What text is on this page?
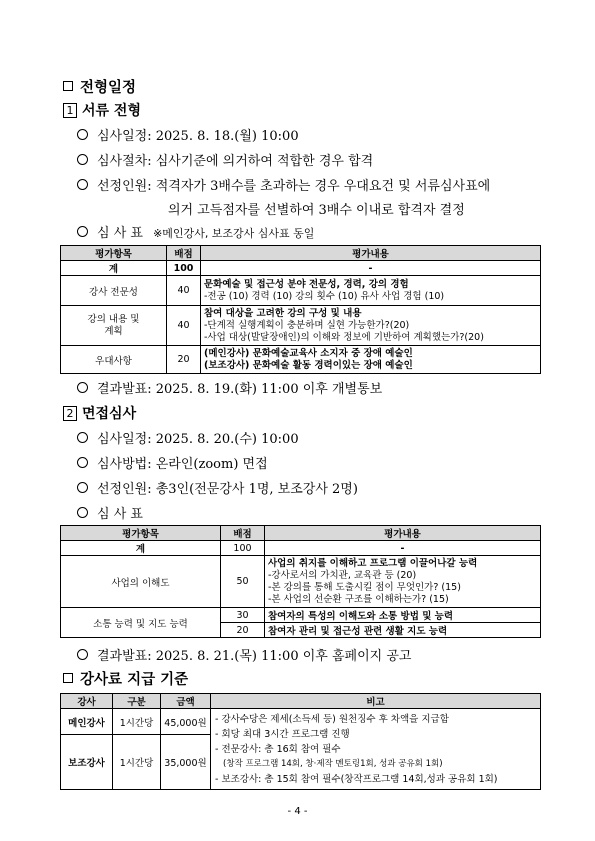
전형일정
1 서류 전형
심사일정: 2025. 8. 18.(월) 10:00
심사절차: 심사기준에 의거하여 적합한 경우 합격
선정인원: 적격자가 3배수를 초과하는 경우 우대요건 및 서류심사표에
의거 고득점자를 선별하여 3배수 이내로 합격자 결정
심 사 표 ※메인강사, 보조강사 심사표 동일
평가항목	배점	평가내용
계	100	-
강사 전문성	40	문화예술 및 접근성 분야 전문성, 경력, 강의 경험
-전공 (10) 경력 (10) 강의 횟수 (10) 유사 사업 경험 (10)

강의 내용 및
계획	40	참여 대상을 고려한 강의 구성 및 내용
-단계적 실행계획이 충분하며 실현 가능한가?(20)
-사업 대상(발달장애인)의 이해와 정보에 기반하여 계획했는가?(20)

우대사항	20	(메인강사) 문화예술교육사 소지자 중 장애 예술인
(보조강사) 문화예술 활동 경력이있는 장애 예술인
결과발표: 2025. 8. 19.(화) 11:00 이후 개별통보
2 면접심사
심사일정: 2025. 8. 20.(수) 10:00
심사방법: 온라인(zoom) 면접
선정인원: 총3인(전문강사 1명, 보조강사 2명)
심 사 표
평가항목	배점	평가내용
계	100	-
사업의 이해도	50	사업의 취지를 이해하고 프로그램 이끌어나갈 능력
-강사로서의 가치관, 교육관 등 (20)
-본 강의를 통해 도출시킬 점이 무엇인가? (15)
-본 사업의 선순환 구조를 이해하는가? (15)

소통 능력 및 지도 능력	30	참여자의 특성의 이해도와 소통 방법 및 능력
	20	참여자 관리 및 접근성 관련 생활 지도 능력
결과발표: 2025. 8. 21.(목) 11:00 이후 홈페이지 공고
강사료 지급 기준
강사	구분	금액	비고
메인강사	1시간당	45,000원	- 강사수당은 제세(소득세 등) 원천징수 후 차액을 지급함
- 회당 최대 3시간 프로그램 진행
- 전문강사: 총 16회 참여 필수
(창작 프로그램 14회, 창·제작 멘토링1회, 성과 공유회 1회)
- 보조강사: 총 15회 참여 필수(창작프로그램 14회,성과 공유회 1회)

보조강사	1시간당	35,000원	
- 4 -
